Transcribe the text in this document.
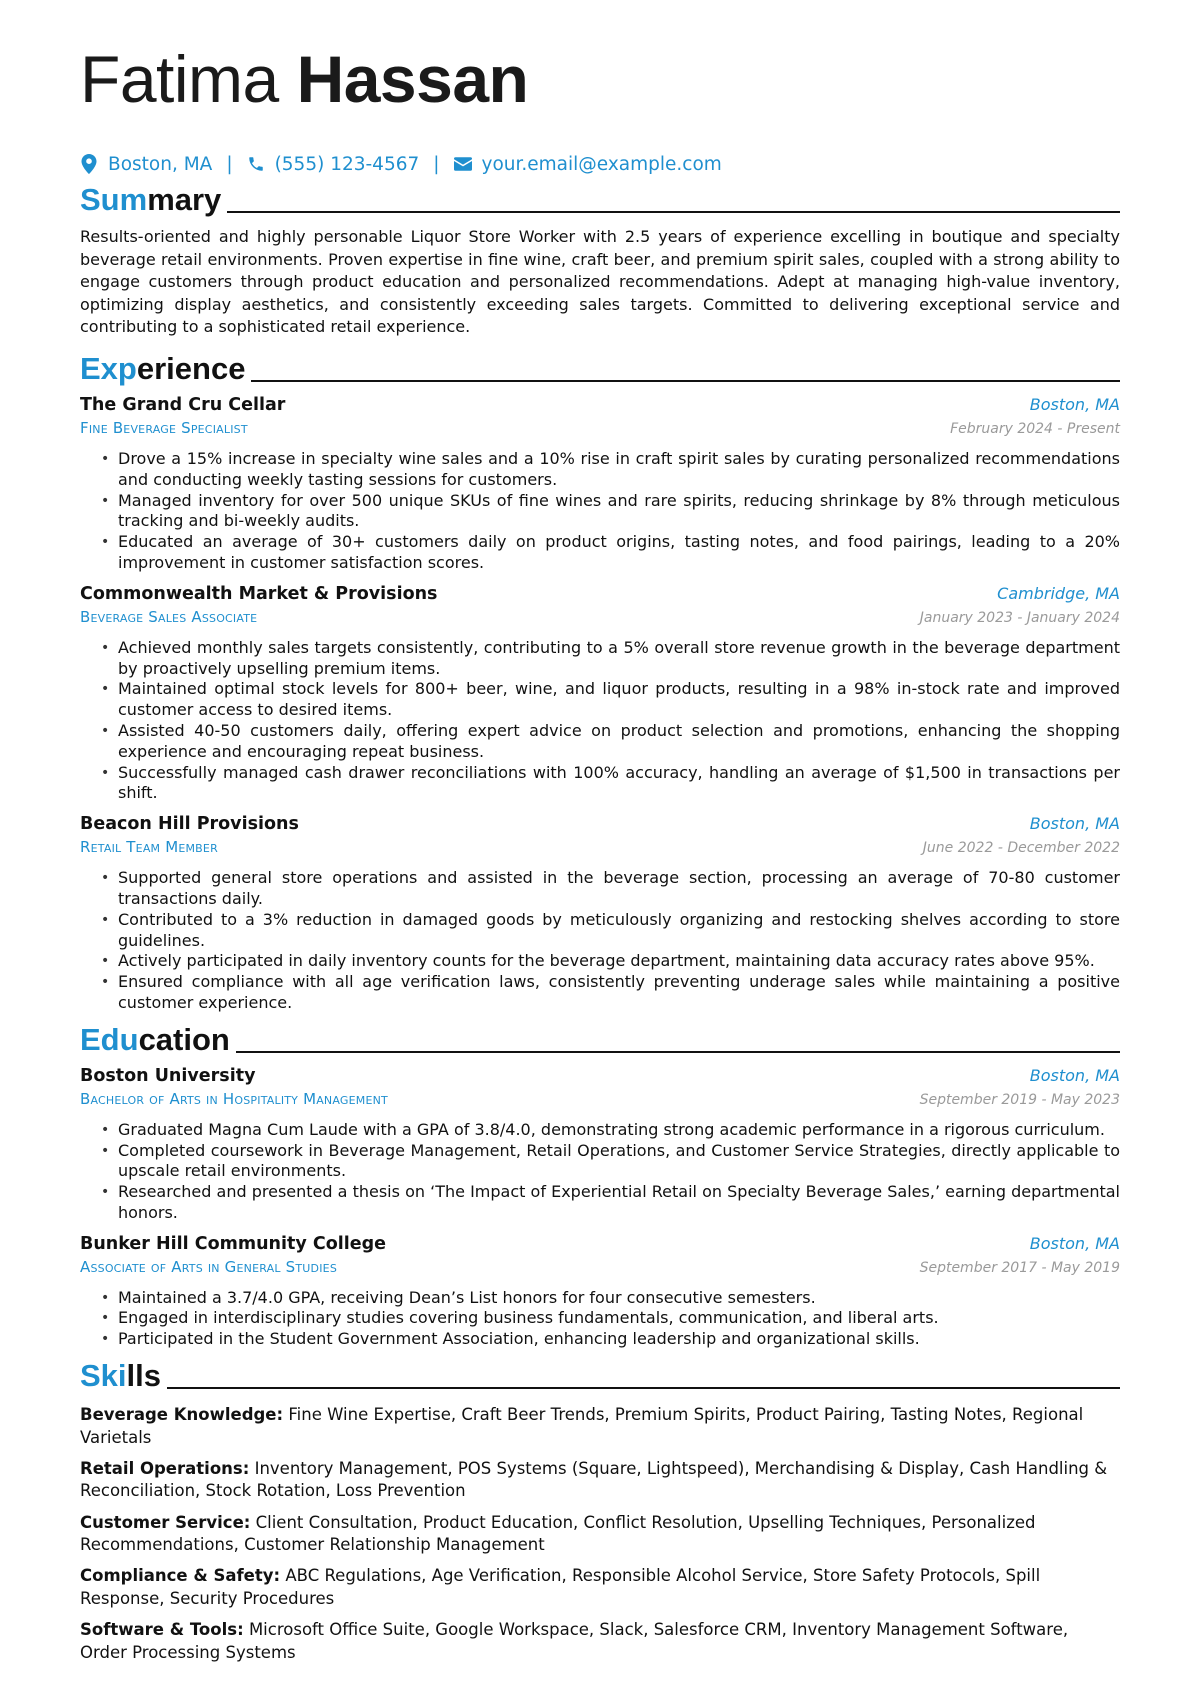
Fatima Hassan
Boston, MA | (555) 123-4567 | your.email@example.com
Summary
Results-oriented and highly personable Liquor Store Worker with 2.5 years of experience excelling in boutique and specialty beverage retail environments. Proven expertise in fine wine, craft beer, and premium spirit sales, coupled with a strong ability to engage customers through product education and personalized recommendations. Adept at managing high-value inventory, optimizing display aesthetics, and consistently exceeding sales targets. Committed to delivering exceptional service and contributing to a sophisticated retail experience.
Experience
The Grand Cru Cellar	Boston, MA
Fine Beverage Specialist	February 2024 - Present
• Drove a 15% increase in specialty wine sales and a 10% rise in craft spirit sales by curating personalized recommendations and conducting weekly tasting sessions for customers.
• Managed inventory for over 500 unique SKUs of fine wines and rare spirits, reducing shrinkage by 8% through meticulous tracking and bi-weekly audits.
• Educated an average of 30+ customers daily on product origins, tasting notes, and food pairings, leading to a 20% improvement in customer satisfaction scores.
Commonwealth Market & Provisions	Cambridge, MA
Beverage Sales Associate	January 2023 - January 2024
• Achieved monthly sales targets consistently, contributing to a 5% overall store revenue growth in the beverage department by proactively upselling premium items.
• Maintained optimal stock levels for 800+ beer, wine, and liquor products, resulting in a 98% in-stock rate and improved customer access to desired items.
• Assisted 40-50 customers daily, offering expert advice on product selection and promotions, enhancing the shopping experience and encouraging repeat business.
• Successfully managed cash drawer reconciliations with 100% accuracy, handling an average of $1,500 in transactions per shift.
Beacon Hill Provisions	Boston, MA
Retail Team Member	June 2022 - December 2022
• Supported general store operations and assisted in the beverage section, processing an average of 70-80 customer transactions daily.
• Contributed to a 3% reduction in damaged goods by meticulously organizing and restocking shelves according to store guidelines.
• Actively participated in daily inventory counts for the beverage department, maintaining data accuracy rates above 95%.
• Ensured compliance with all age verification laws, consistently preventing underage sales while maintaining a positive customer experience.
Education
Boston University	Boston, MA
Bachelor of Arts in Hospitality Management	September 2019 - May 2023
• Graduated Magna Cum Laude with a GPA of 3.8/4.0, demonstrating strong academic performance in a rigorous curriculum.
• Completed coursework in Beverage Management, Retail Operations, and Customer Service Strategies, directly applicable to upscale retail environments.
• Researched and presented a thesis on ‘The Impact of Experiential Retail on Specialty Beverage Sales,’ earning departmental honors.
Bunker Hill Community College	Boston, MA
Associate of Arts in General Studies	September 2017 - May 2019
• Maintained a 3.7/4.0 GPA, receiving Dean’s List honors for four consecutive semesters.
• Engaged in interdisciplinary studies covering business fundamentals, communication, and liberal arts.
• Participated in the Student Government Association, enhancing leadership and organizational skills.
Skills
Beverage Knowledge: Fine Wine Expertise, Craft Beer Trends, Premium Spirits, Product Pairing, Tasting Notes, Regional Varietals
Retail Operations: Inventory Management, POS Systems (Square, Lightspeed), Merchandising & Display, Cash Handling & Reconciliation, Stock Rotation, Loss Prevention
Customer Service: Client Consultation, Product Education, Conflict Resolution, Upselling Techniques, Personalized Recommendations, Customer Relationship Management
Compliance & Safety: ABC Regulations, Age Verification, Responsible Alcohol Service, Store Safety Protocols, Spill Response, Security Procedures
Software & Tools: Microsoft Office Suite, Google Workspace, Slack, Salesforce CRM, Inventory Management Software, Order Processing Systems
